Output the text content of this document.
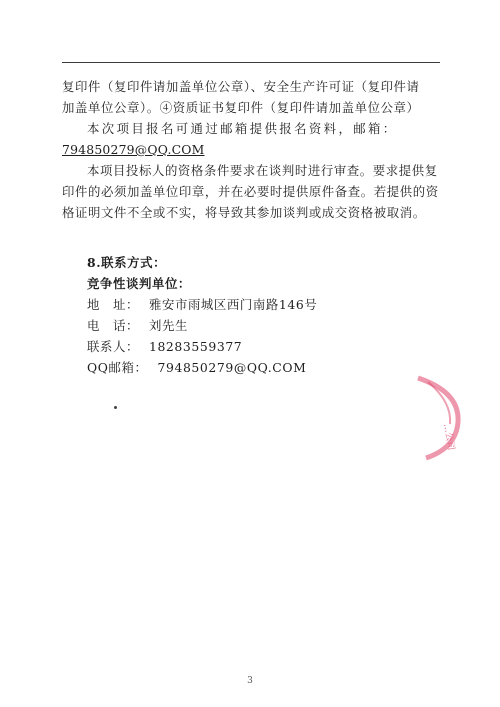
复印件（复印件请加盖单位公章）、安全生产许可证（复印件请

加盖单位公章）。④资质证书复印件（复印件请加盖单位公章）

本次项目报名可通过邮箱提供报名资料，邮箱：

794850279@QQ.COM

本项目投标人的资格条件要求在谈判时进行审查。要求提供复印件的必须加盖单位印章，并在必要时提供原件备查。若提供的资格证明文件不全或不实，将导致其参加谈判或成交资格被取消。

8.联系方式：

竞争性谈判单位：

地　址： 雅安市雨城区西门南路146号

电　话： 刘先生

联系人： 18283559377

QQ邮箱： 794850279@QQ.COM

…公司
3
